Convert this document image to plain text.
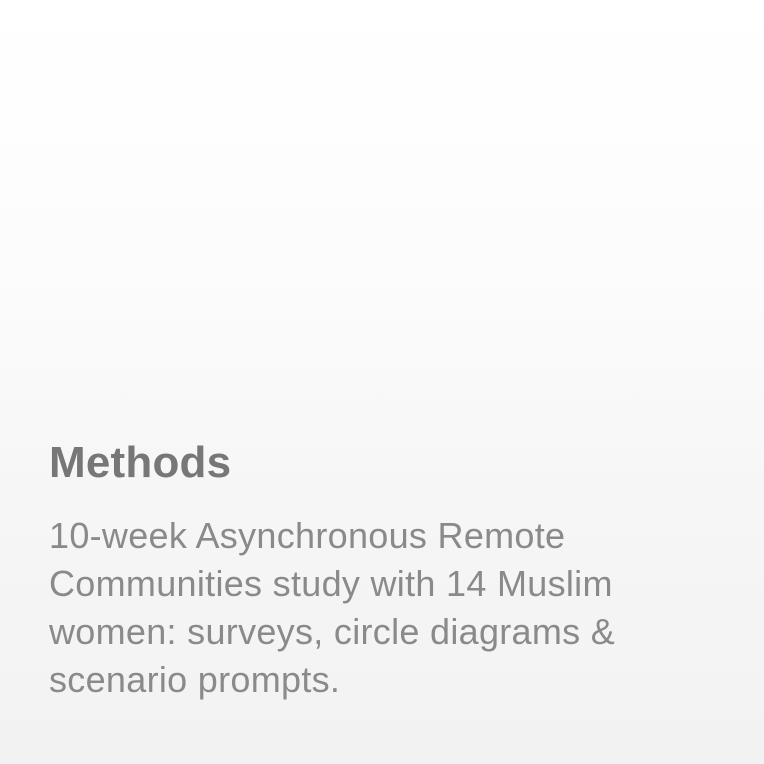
Methods

10-week Asynchronous Remote Communities study with 14 Muslim women: surveys, circle diagrams & scenario prompts.
